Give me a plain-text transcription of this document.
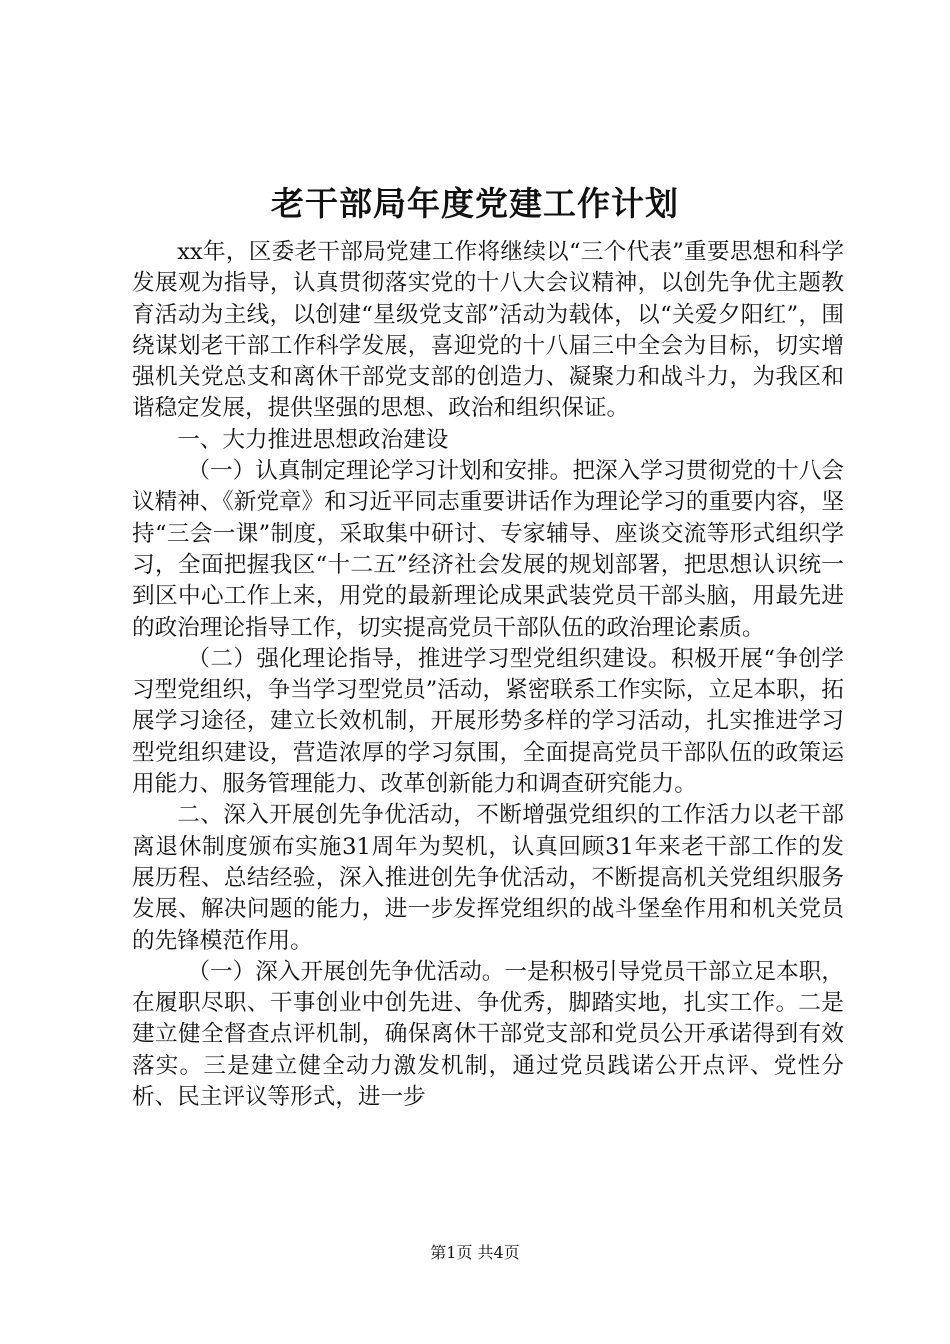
老干部局年度党建工作计划

xx年，区委老干部局党建工作将继续以“三个代表”重要思想和科学发展观为指导，认真贯彻落实党的十八大会议精神，以创先争优主题教育活动为主线，以创建“星级党支部”活动为载体，以“关爱夕阳红”，围绕谋划老干部工作科学发展，喜迎党的十八届三中全会为目标，切实增强机关党总支和离休干部党支部的创造力、凝聚力和战斗力，为我区和谐稳定发展，提供坚强的思想、政治和组织保证。

一、大力推进思想政治建设

（一）认真制定理论学习计划和安排。把深入学习贯彻党的十八会议精神、《新党章》和习近平同志重要讲话作为理论学习的重要内容，坚持“三会一课”制度，采取集中研讨、专家辅导、座谈交流等形式组织学习，全面把握我区“十二五”经济社会发展的规划部署，把思想认识统一到区中心工作上来，用党的最新理论成果武装党员干部头脑，用最先进的政治理论指导工作，切实提高党员干部队伍的政治理论素质。

（二）强化理论指导，推进学习型党组织建设。积极开展“争创学习型党组织，争当学习型党员”活动，紧密联系工作实际，立足本职，拓展学习途径，建立长效机制，开展形势多样的学习活动，扎实推进学习型党组织建设，营造浓厚的学习氛围，全面提高党员干部队伍的政策运用能力、服务管理能力、改革创新能力和调查研究能力。

二、深入开展创先争优活动，不断增强党组织的工作活力以老干部离退休制度颁布实施31周年为契机，认真回顾31年来老干部工作的发展历程、总结经验，深入推进创先争优活动，不断提高机关党组织服务发展、解决问题的能力，进一步发挥党组织的战斗堡垒作用和机关党员的先锋模范作用。

（一）深入开展创先争优活动。一是积极引导党员干部立足本职，在履职尽职、干事创业中创先进、争优秀，脚踏实地，扎实工作。二是建立健全督查点评机制，确保离休干部党支部和党员公开承诺得到有效落实。三是建立健全动力激发机制，通过党员践诺公开点评、党性分析、民主评议等形式，进一步

第1页 共4页
